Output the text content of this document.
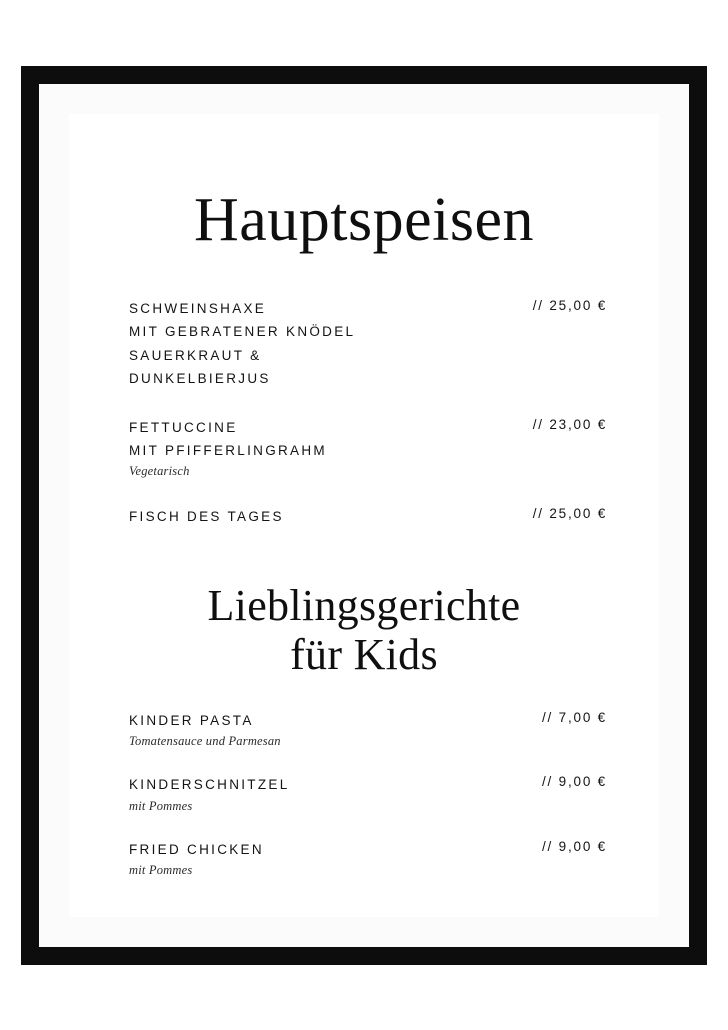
Hauptspeisen
SCHWEINSHAXE
MIT GEBRATENER KNÖDEL
SAUERKRAUT &
DUNKELBIERJUS
// 25,00 €
FETTUCCINE
MIT PFIFFERLINGRAHM
Vegetarisch
// 23,00 €
FISCH DES TAGES	// 25,00 €
Lieblingsgerichte
für Kids
KINDER PASTA
Tomatensauce und Parmesan
// 7,00 €
KINDERSCHNITZEL
mit Pommes
// 9,00 €
FRIED CHICKEN
mit Pommes
// 9,00 €
